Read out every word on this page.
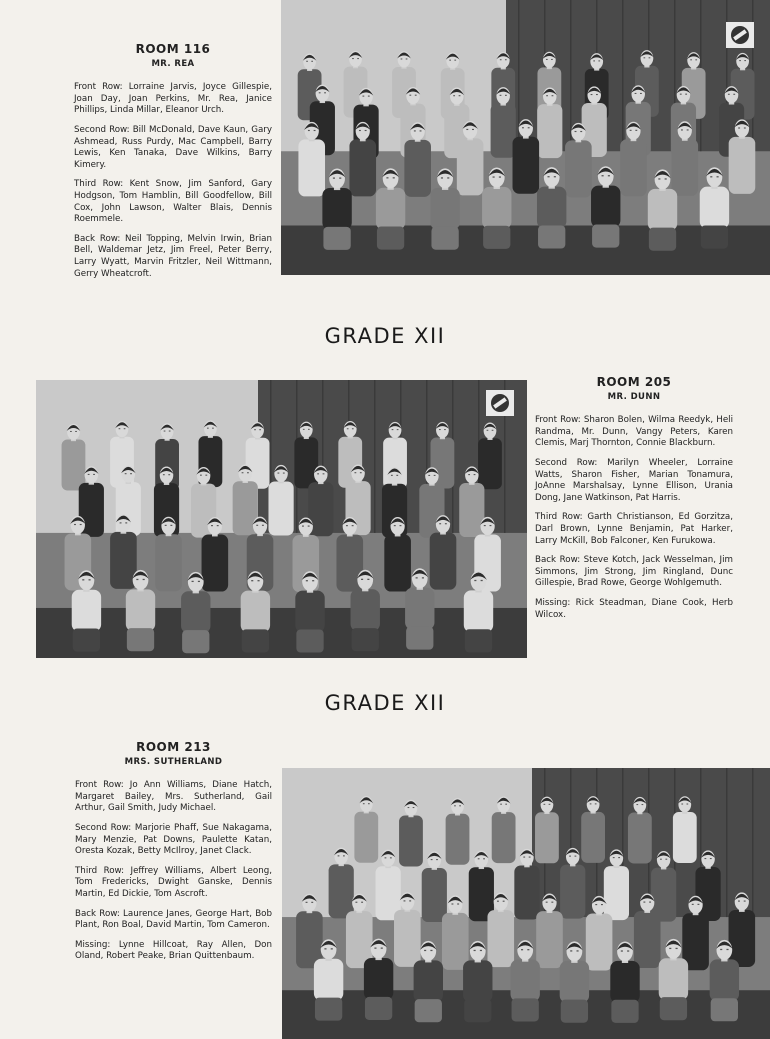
ROOM 116
MR. REA

Front Row: Lorraine Jarvis, Joyce Gillespie, Joan Day, Joan Perkins, Mr. Rea, Janice Phillips, Linda Millar, Eleanor Urch.

Second Row: Bill McDonald, Dave Kaun, Gary Ashmead, Russ Purdy, Mac Campbell, Barry Lewis, Ken Tanaka, Dave Wilkins, Barry Kimery.

Third Row: Kent Snow, Jim Sanford, Gary Hodgson, Tom Hamblin, Bill Goodfellow, Bill Cox, John Lawson, Walter Blais, Dennis Roemmele.

Back Row: Neil Topping, Melvin Irwin, Brian Bell, Waldemar Jetz, Jim Freel, Peter Berry, Larry Wyatt, Marvin Fritzler, Neil Wittmann, Gerry Wheatcroft.

GRADE XII
ROOM 205
MR. DUNN

Front Row: Sharon Bolen, Wilma Reedyk, Heli Randma, Mr. Dunn, Vangy Peters, Karen Clemis, Marj Thornton, Connie Blackburn.

Second Row: Marilyn Wheeler, Lorraine Watts, Sharon Fisher, Marian Tonamura, JoAnne Marshalsay, Lynne Ellison, Urania Dong, Jane Watkinson, Pat Harris.

Third Row: Garth Christianson, Ed Gorzitza, Darl Brown, Lynne Benjamin, Pat Harker, Larry McKill, Bob Falconer, Ken Furukowa.

Back Row: Steve Kotch, Jack Wesselman, Jim Simmons, Jim Strong, Jim Ringland, Dunc Gillespie, Brad Rowe, George Wohlgemuth.

Missing: Rick Steadman, Diane Cook, Herb Wilcox.

GRADE XII
ROOM 213
MRS. SUTHERLAND

Front Row: Jo Ann Williams, Diane Hatch, Margaret Bailey, Mrs. Sutherland, Gail Arthur, Gail Smith, Judy Michael.

Second Row: Marjorie Phaff, Sue Nakagama, Mary Menzie, Pat Downs, Paulette Katan, Oresta Kozak, Betty McIlroy, Janet Clack.

Third Row: Jeffrey Williams, Albert Leong, Tom Fredericks, Dwight Ganske, Dennis Martin, Ed Dickie, Tom Ascroft.

Back Row: Laurence Janes, George Hart, Bob Plant, Ron Boal, David Martin, Tom Cameron.

Missing: Lynne Hillcoat, Ray Allen, Don Oland, Robert Peake, Brian Quittenbaum.
